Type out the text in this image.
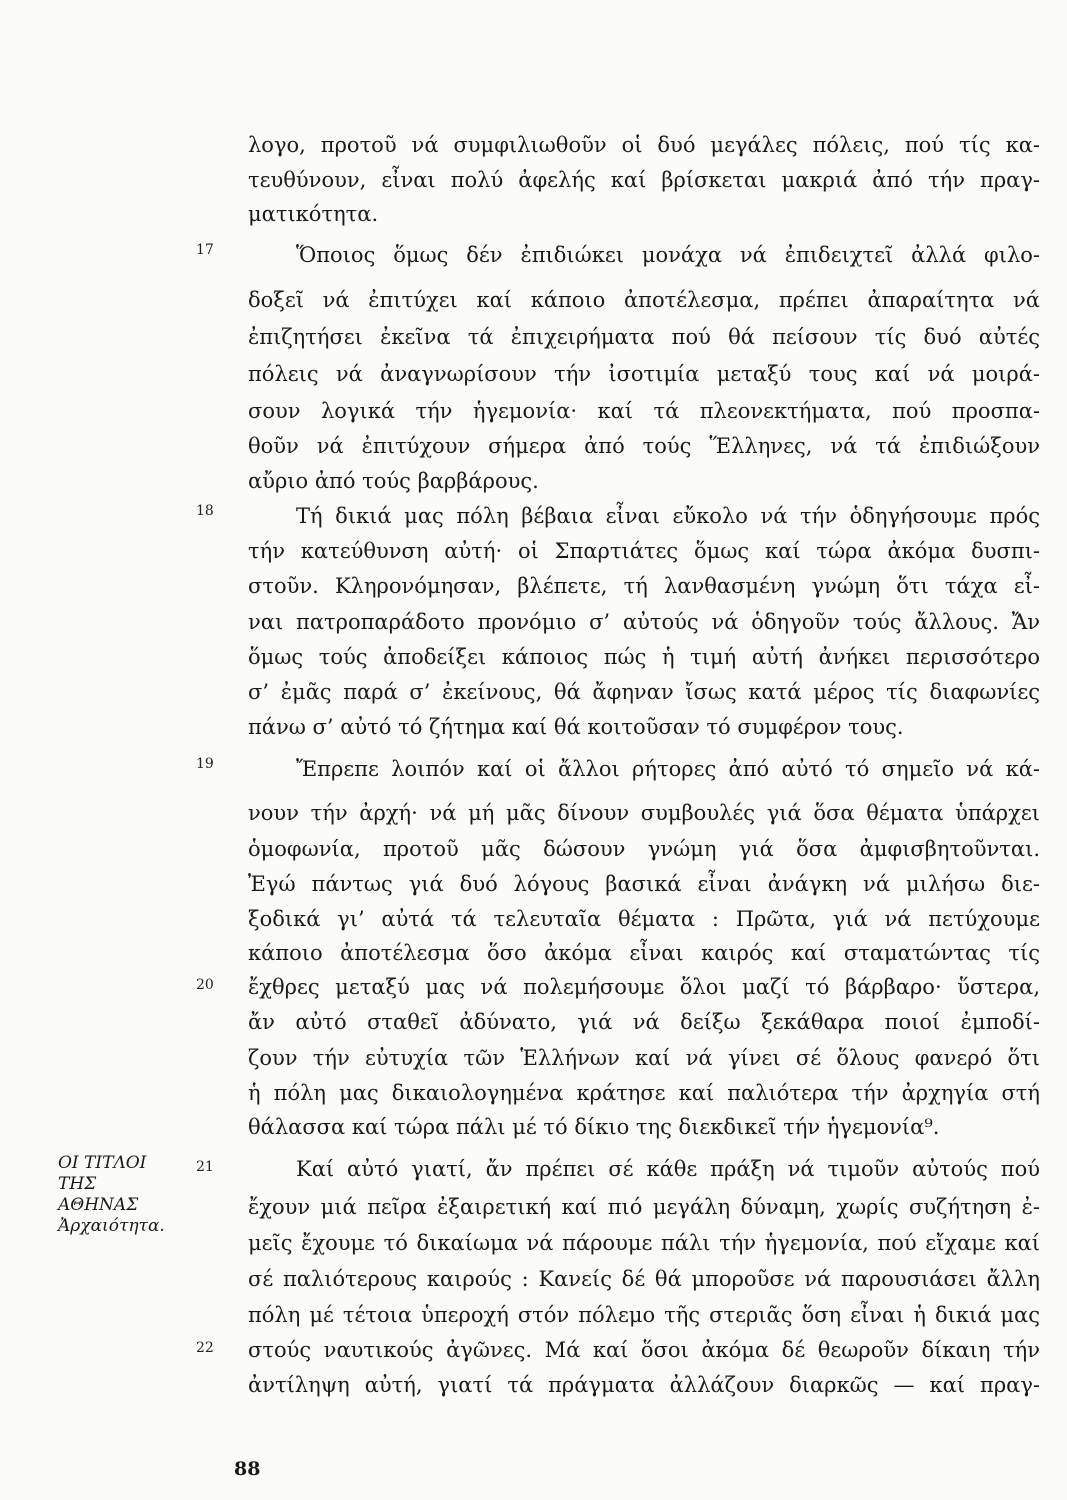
λογο, προτοῦ νά συμφιλιωθοῦν οἱ δυό μεγάλες πόλεις, πού τίς κα-
τευθύνουν, εἶναι πολύ ἀφελής καί βρίσκεται μακριά ἀπό τήν πραγ-
ματικότητα.
17	Ὅποιος ὅμως δέν ἐπιδιώκει μονάχα νά ἐπιδειχτεῖ ἀλλά φιλο-
δοξεῖ νά ἐπιτύχει καί κάποιο ἀποτέλεσμα, πρέπει ἀπαραίτητα νά
ἐπιζητήσει ἐκεῖνα τά ἐπιχειρήματα πού θά πείσουν τίς δυό αὐτές
πόλεις νά ἀναγνωρίσουν τήν ἰσοτιμία μεταξύ τους καί νά μοιρά-
σουν λογικά τήν ἡγεμονία· καί τά πλεονεκτήματα, πού προσπα-
θοῦν νά ἐπιτύχουν σήμερα ἀπό τούς Ἕλληνες, νά τά ἐπιδιώξουν
αὔριο ἀπό τούς βαρβάρους.
18	Τή δικιά μας πόλη βέβαια εἶναι εὔκολο νά τήν ὁδηγήσουμε πρός
τήν κατεύθυνση αὐτή· οἱ Σπαρτιάτες ὅμως καί τώρα ἀκόμα δυσπι-
στοῦν. Κληρονόμησαν, βλέπετε, τή λανθασμένη γνώμη ὅτι τάχα εἶ-
ναι πατροπαράδοτο προνόμιο σ’ αὐτούς νά ὁδηγοῦν τούς ἄλλους. Ἄν
ὅμως τούς ἀποδείξει κάποιος πώς ἡ τιμή αὐτή ἀνήκει περισσότερο
σ’ ἐμᾶς παρά σ’ ἐκείνους, θά ἄφηναν ἴσως κατά μέρος τίς διαφωνίες
πάνω σ’ αὐτό τό ζήτημα καί θά κοιτοῦσαν τό συμφέρον τους.
19	Ἔπρεπε λοιπόν καί οἱ ἄλλοι ρήτορες ἀπό αὐτό τό σημεῖο νά κά-
νουν τήν ἀρχή· νά μή μᾶς δίνουν συμβουλές γιά ὅσα θέματα ὑπάρχει
ὁμοφωνία, προτοῦ μᾶς δώσουν γνώμη γιά ὅσα ἀμφισβητοῦνται.
Ἐγώ πάντως γιά δυό λόγους βασικά εἶναι ἀνάγκη νά μιλήσω διε-
ξοδικά γι’ αὐτά τά τελευταῖα θέματα : Πρῶτα, γιά νά πετύχουμε
κάποιο ἀποτέλεσμα ὅσο ἀκόμα εἶναι καιρός καί σταματώντας τίς
20	ἔχθρες μεταξύ μας νά πολεμήσουμε ὅλοι μαζί τό βάρβαρο· ὕστερα,
ἄν αὐτό σταθεῖ ἀδύνατο, γιά νά δείξω ξεκάθαρα ποιοί ἐμποδί-
ζουν τήν εὐτυχία τῶν Ἑλλήνων καί νά γίνει σέ ὅλους φανερό ὅτι
ἡ πόλη μας δικαιολογημένα κράτησε καί παλιότερα τήν ἀρχηγία στή
θάλασσα καί τώρα πάλι μέ τό δίκιο της διεκδικεῖ τήν ἡγεμονία⁹.
ΟΙ ΤΙΤΛΟΙ
ΤΗΣ
ΑΘΗΝΑΣ
Ἀρχαιότητα.
21	Καί αὐτό γιατί, ἄν πρέπει σέ κάθε πράξη νά τιμοῦν αὐτούς πού
ἔχουν μιά πεῖρα ἐξαιρετική καί πιό μεγάλη δύναμη, χωρίς συζήτηση ἐ-
μεῖς ἔχουμε τό δικαίωμα νά πάρουμε πάλι τήν ἡγεμονία, πού εἴχαμε καί
σέ παλιότερους καιρούς : Κανείς δέ θά μποροῦσε νά παρουσιάσει ἄλλη
πόλη μέ τέτοια ὑπεροχή στόν πόλεμο τῆς στεριᾶς ὅση εἶναι ἡ δικιά μας
22	στούς ναυτικούς ἀγῶνες. Μά καί ὅσοι ἀκόμα δέ θεωροῦν δίκαιη τήν
ἀντίληψη αὐτή, γιατί τά πράγματα ἀλλάζουν διαρκῶς — καί πραγ-
88
